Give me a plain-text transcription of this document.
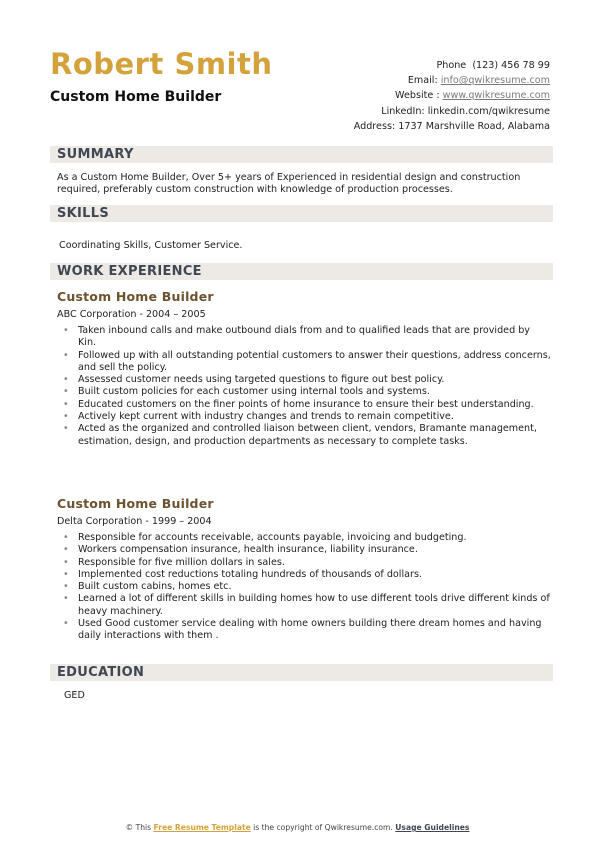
Robert Smith
Custom Home Builder
Phone (123) 456 78 99
Email: info@qwikresume.com
Website : www.qwikresume.com
LinkedIn: linkedin.com/qwikresume
Address: 1737 Marshville Road, Alabama
SUMMARY
As a Custom Home Builder, Over 5+ years of Experienced in residential design and construction required, preferably custom construction with knowledge of production processes.
SKILLS
Coordinating Skills, Customer Service.
WORK EXPERIENCE
Custom Home Builder
ABC Corporation - 2004 – 2005
• Taken inbound calls and make outbound dials from and to qualified leads that are provided by Kin.
• Followed up with all outstanding potential customers to answer their questions, address concerns, and sell the policy.
• Assessed customer needs using targeted questions to figure out best policy.
• Built custom policies for each customer using internal tools and systems.
• Educated customers on the finer points of home insurance to ensure their best understanding.
• Actively kept current with industry changes and trends to remain competitive.
• Acted as the organized and controlled liaison between client, vendors, Bramante management, estimation, design, and production departments as necessary to complete tasks.
Custom Home Builder
Delta Corporation - 1999 – 2004
• Responsible for accounts receivable, accounts payable, invoicing and budgeting.
• Workers compensation insurance, health insurance, liability insurance.
• Responsible for five million dollars in sales.
• Implemented cost reductions totaling hundreds of thousands of dollars.
• Built custom cabins, homes etc.
• Learned a lot of different skills in building homes how to use different tools drive different kinds of heavy machinery.
• Used Good customer service dealing with home owners building there dream homes and having daily interactions with them .
EDUCATION
GED
© This Free Resume Template is the copyright of Qwikresume.com. Usage Guidelines
